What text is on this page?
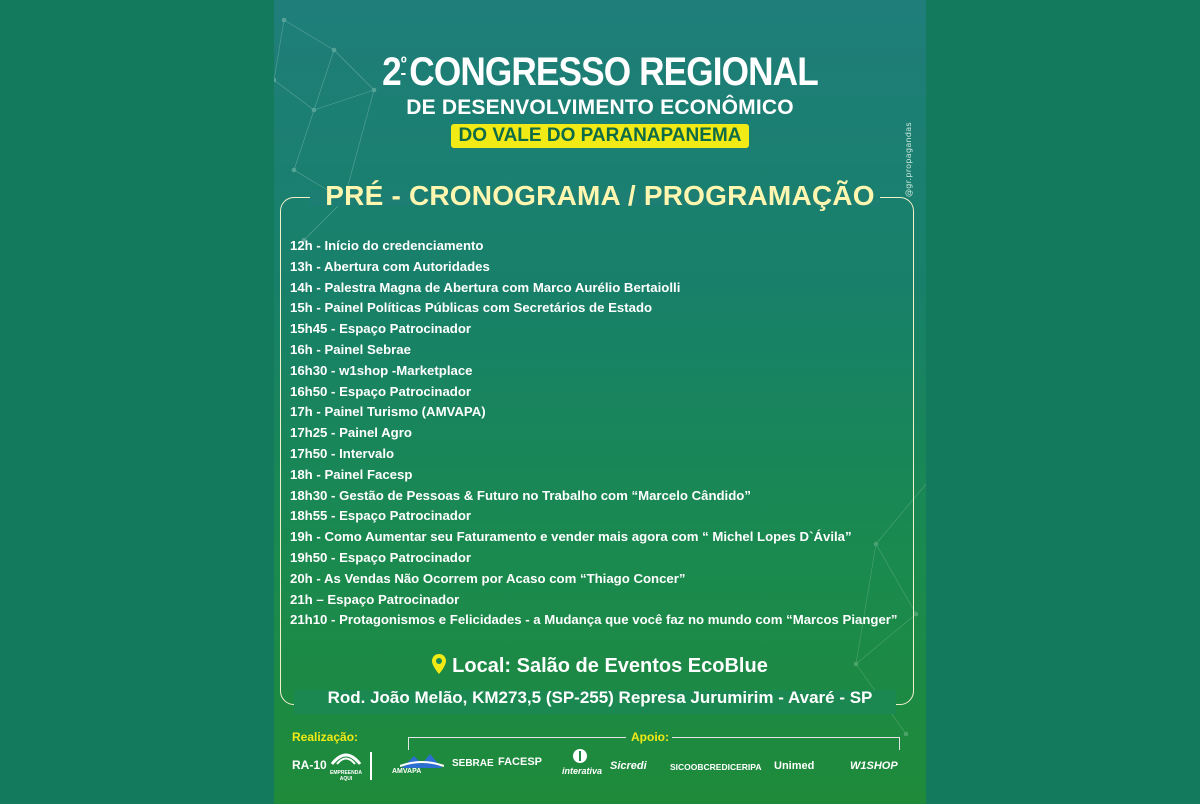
@gr.propagandas
$2^ºCONGRESSO$ REGIONAL
DE DESENVOLVIMENTO ECONÔMICO
DO VALE DO PARANAPANEMA
PRÉ - CRONOGRAMA / PROGRAMAÇÃO
12h - Início do credenciamento
13h - Abertura com Autoridades
14h - Palestra Magna de Abertura com Marco Aurélio Bertaiolli
15h - Painel Políticas Públicas com Secretários de Estado
15h45 - Espaço Patrocinador
16h - Painel Sebrae
16h30 - w1shop -Marketplace
16h50 - Espaço Patrocinador
17h - Painel Turismo (AMVAPA)
17h25 - Painel Agro
17h50 - Intervalo
18h - Painel Facesp
18h30 - Gestão de Pessoas & Futuro no Trabalho com “Marcelo Cândido”
18h55 - Espaço Patrocinador
19h - Como Aumentar seu Faturamento e vender mais agora com “ Michel Lopes D`Ávila”
19h50 - Espaço Patrocinador
20h - As Vendas Não Ocorrem por Acaso com “Thiago Concer”
21h – Espaço Patrocinador
21h10 - Protagonismos e Felicidades - a Mudança que você faz no mundo com “Marcos Pianger”
Local: Salão de Eventos EcoBlue
Rod. João Melão, KM273,5 (SP-255) Represa Jurumirim - Avaré - SP
Realização:	Apoio:
RA-10
EMPREENDA AQUI
AMVAPA
SEBRAE FACESP
interativa Sicredi	SICOOBCREDICERIPA Unimed	W1SHOP
